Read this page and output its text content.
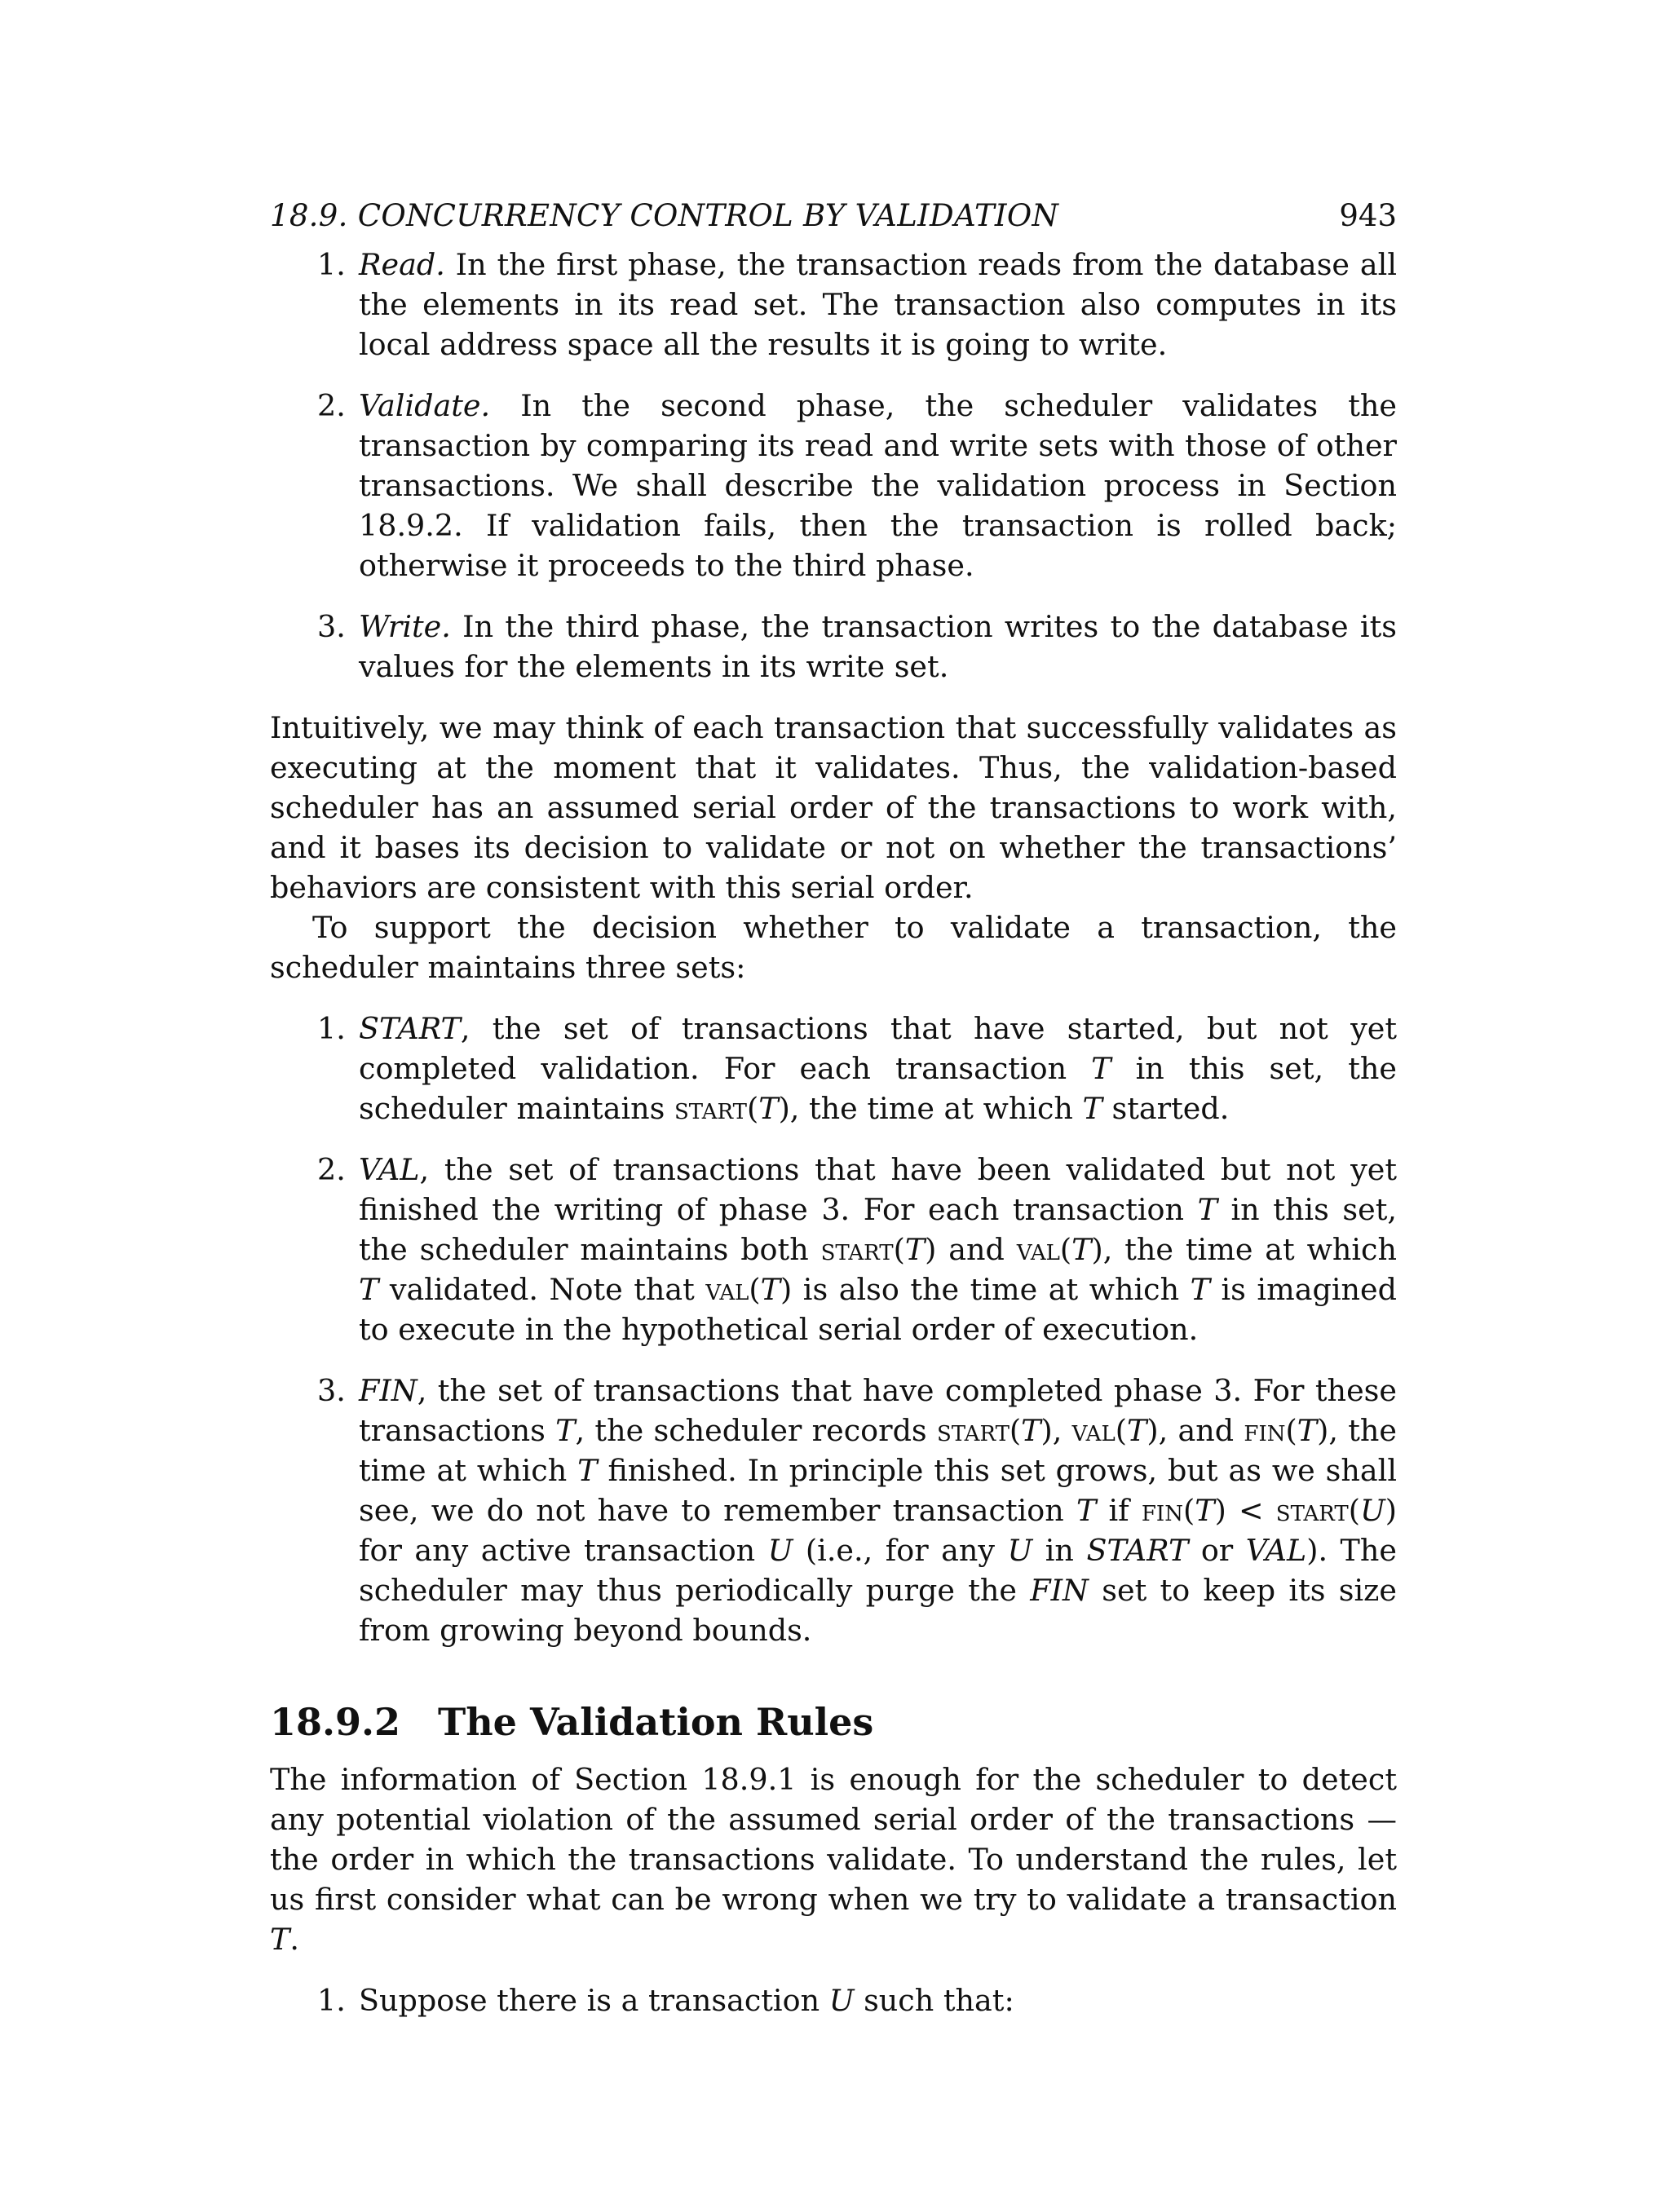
18.9. CONCURRENCY CONTROL BY VALIDATION	943
1. Read. In the first phase, the transaction reads from the database all the elements in its read set. The transaction also computes in its local address space all the results it is going to write.
2. Validate. In the second phase, the scheduler validates the transaction by comparing its read and write sets with those of other transactions. We shall describe the validation process in Section 18.9.2. If validation fails, then the transaction is rolled back; otherwise it proceeds to the third phase.
3. Write. In the third phase, the transaction writes to the database its values for the elements in its write set.

Intuitively, we may think of each transaction that successfully validates as executing at the moment that it validates. Thus, the validation-based scheduler has an assumed serial order of the transactions to work with, and it bases its decision to validate or not on whether the transactions’ behaviors are consistent with this serial order.

To support the decision whether to validate a transaction, the scheduler maintains three sets:

1. START, the set of transactions that have started, but not yet completed validation. For each transaction T in this set, the scheduler maintains start(T), the time at which T started.
2. VAL, the set of transactions that have been validated but not yet finished the writing of phase 3. For each transaction T in this set, the scheduler maintains both start(T) and val(T), the time at which T validated. Note that val(T) is also the time at which T is imagined to execute in the hypothetical serial order of execution.
3. FIN, the set of transactions that have completed phase 3. For these transactions T, the scheduler records start(T), val(T), and fin(T), the time at which T finished. In principle this set grows, but as we shall see, we do not have to remember transaction T if fin(T) < start(U) for any active transaction U (i.e., for any U in START or VAL). The scheduler may thus periodically purge the FIN set to keep its size from growing beyond bounds.
18.9.2 The Validation Rules

The information of Section 18.9.1 is enough for the scheduler to detect any potential violation of the assumed serial order of the transactions — the order in which the transactions validate. To understand the rules, let us first consider what can be wrong when we try to validate a transaction T.

1. Suppose there is a transaction U such that:
